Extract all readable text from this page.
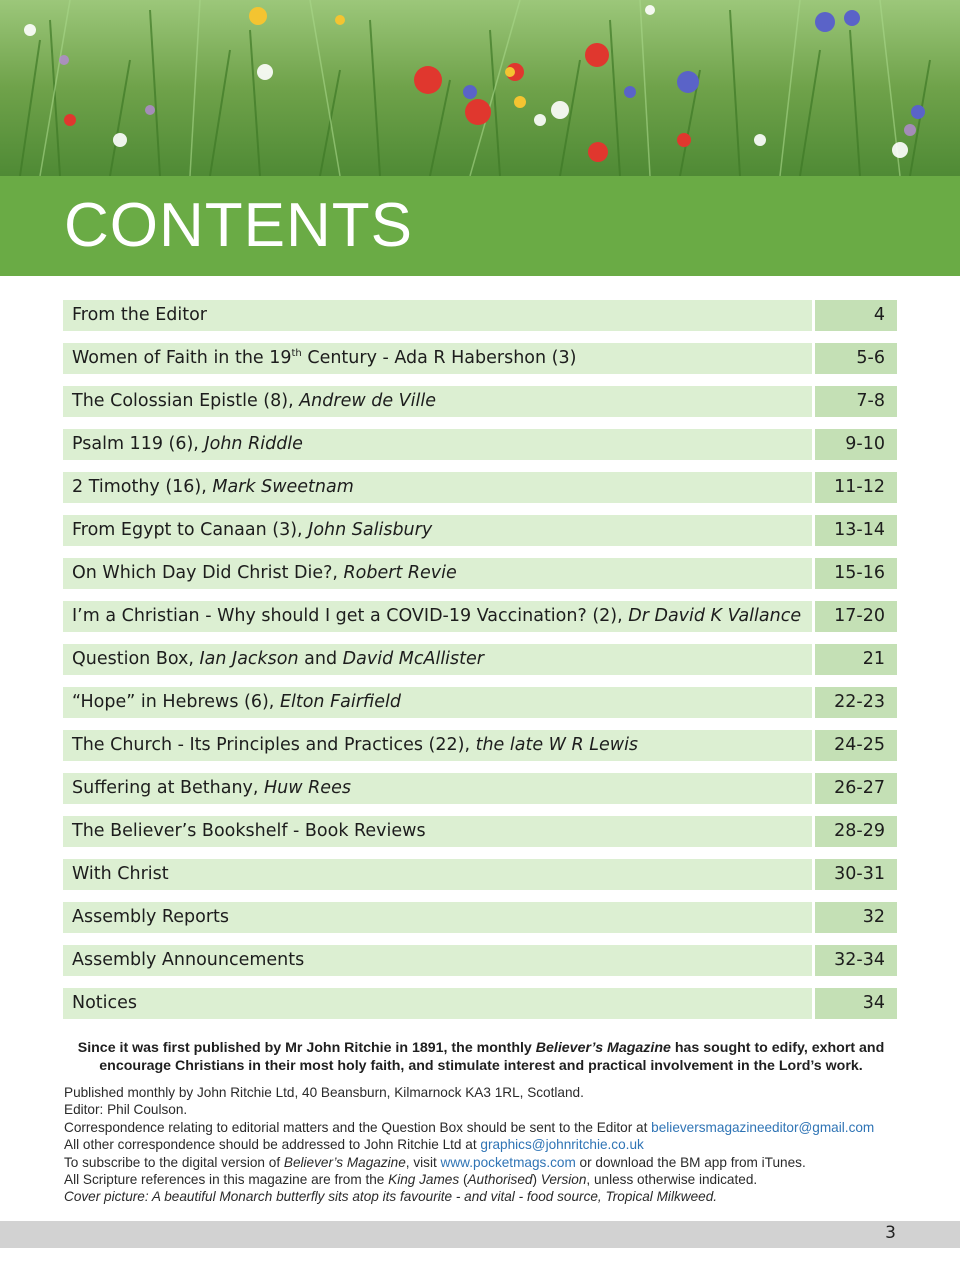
CONTENTS
From the Editor	4
Women of Faith in the 19th Century - Ada R Habershon (3)	5-6
The Colossian Epistle (8), Andrew de Ville	7-8
Psalm 119 (6), John Riddle	9-10
2 Timothy (16), Mark Sweetnam	11-12
From Egypt to Canaan (3), John Salisbury	13-14
On Which Day Did Christ Die?, Robert Revie	15-16
I’m a Christian - Why should I get a COVID-19 Vaccination? (2), Dr David K Vallance	17-20
Question Box, Ian Jackson and David McAllister	21
“Hope” in Hebrews (6), Elton Fairfield	22-23
The Church - Its Principles and Practices (22), the late W R Lewis	24-25
Suffering at Bethany, Huw Rees	26-27
The Believer’s Bookshelf - Book Reviews	28-29
With Christ	30-31
Assembly Reports	32
Assembly Announcements	32-34
Notices	34
Since it was first published by Mr John Ritchie in 1891, the monthly Believer’s Magazine has sought to edify, exhort and encourage Christians in their most holy faith, and stimulate interest and practical involvement in the Lord’s work.

Published monthly by John Ritchie Ltd, 40 Beansburn, Kilmarnock KA3 1RL, Scotland.

Editor: Phil Coulson.

Correspondence relating to editorial matters and the Question Box should be sent to the Editor at believersmagazineeditor@gmail.com

All other correspondence should be addressed to John Ritchie Ltd at graphics@johnritchie.co.uk

To subscribe to the digital version of Believer’s Magazine, visit www.pocketmags.com or download the BM app from iTunes.

All Scripture references in this magazine are from the King James (Authorised) Version, unless otherwise indicated.

Cover picture: A beautiful Monarch butterfly sits atop its favourite - and vital - food source, Tropical Milkweed.

3
